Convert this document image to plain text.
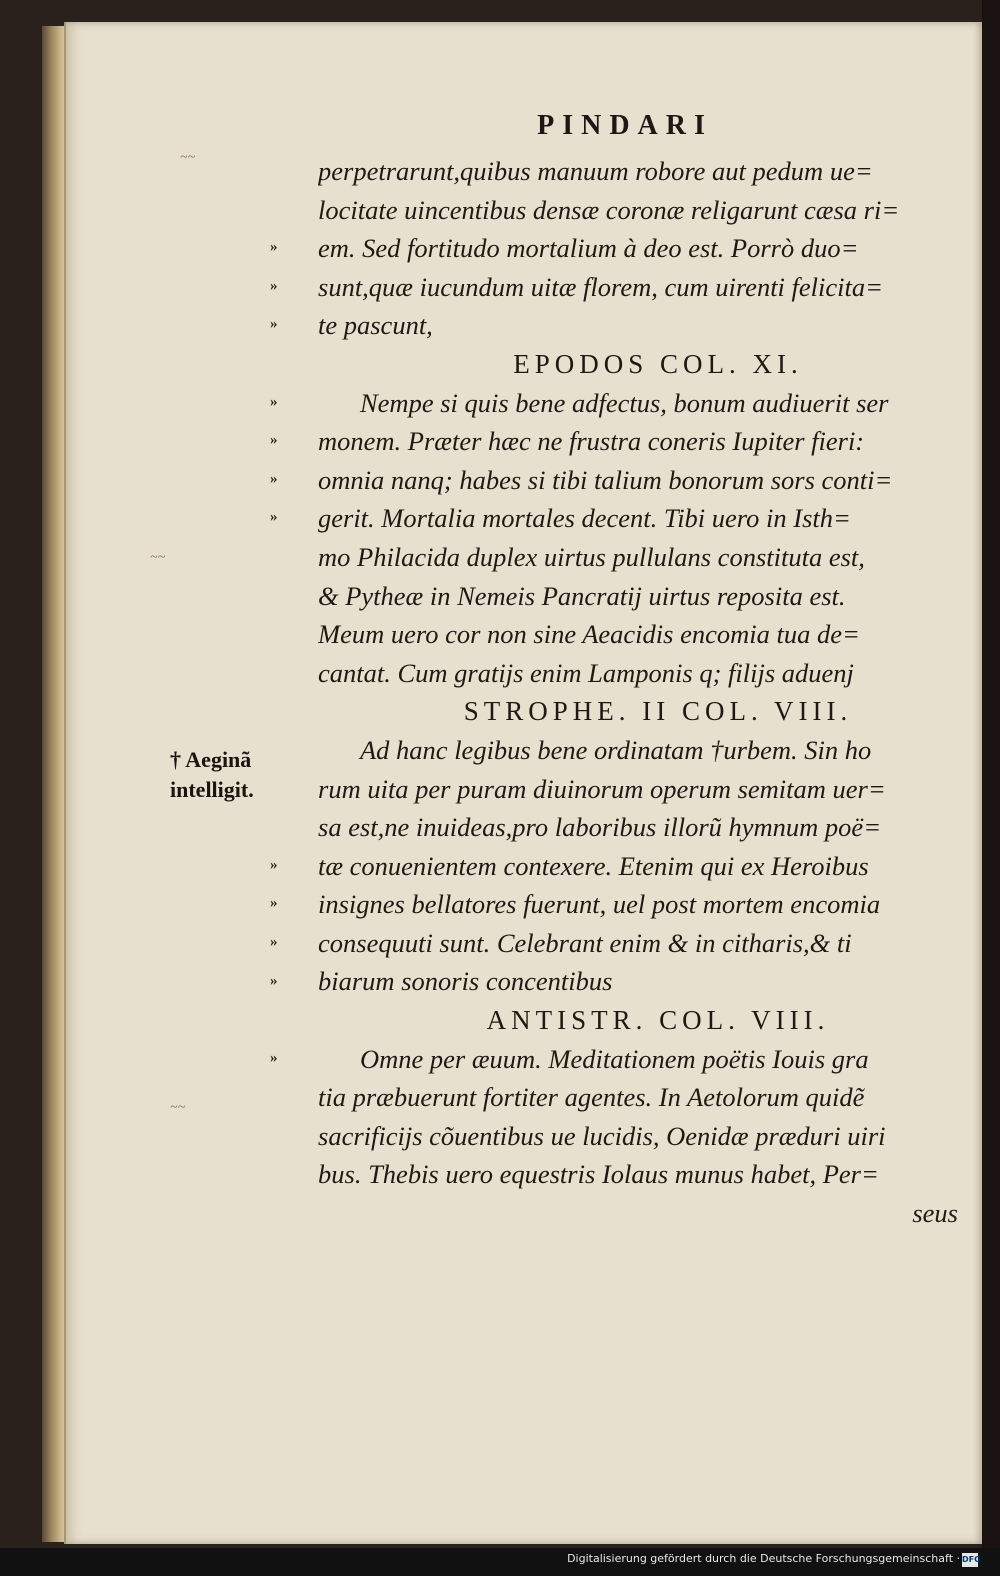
PINDARI
perpetrarunt,quibus manuum robore aut pedum ue=
locitate uincentibus densæ coronæ religarunt cæsa ri=
em. Sed fortitudo mortalium à deo est. Porrò duo=
sunt,quæ iucundum uitæ florem, cum uirenti felicita=
te pascunt,
EPODOS COL. XI.
Nempe si quis bene adfectus, bonum audiuerit ser
monem. Præter hæc ne frustra coneris Iupiter fieri:
omnia nanq; habes si tibi talium bonorum sors conti=
gerit. Mortalia mortales decent. Tibi uero in Isth=
mo Philacida duplex uirtus pullulans constituta est,
& Pytheæ in Nemeis Pancratij uirtus reposita est.
Meum uero cor non sine Aeacidis encomia tua de=
cantat. Cum gratijs enim Lamponis q; filijs aduenj
STROPHE. II COL. VIII.
Ad hanc legibus bene ordinatam †urbem. Sin ho
rum uita per puram diuinorum operum semitam uer=
sa est,ne inuideas,pro laboribus illorũ hymnum poë=
tæ conuenientem contexere. Etenim qui ex Heroibus
insignes bellatores fuerunt, uel post mortem encomia
consequuti sunt. Celebrant enim & in citharis,& ti
biarum sonoris concentibus
ANTISTR. COL. VIII.
Omne per æuum. Meditationem poëtis Iouis gra
tia præbuerunt fortiter agentes. In Aetolorum quidẽ
sacrificijs cõuentibus ue lucidis, Oenidæ præduri uiri
bus. Thebis uero equestris Iolaus munus habet, Per=
seus
† Aeginã
intelligit.
~~
~~
~~
Digitalisierung gefördert durch die Deutsche Forschungsgemeinschaft · DFG
»
»
»
»
»
»
»
»
»
»
»
»
